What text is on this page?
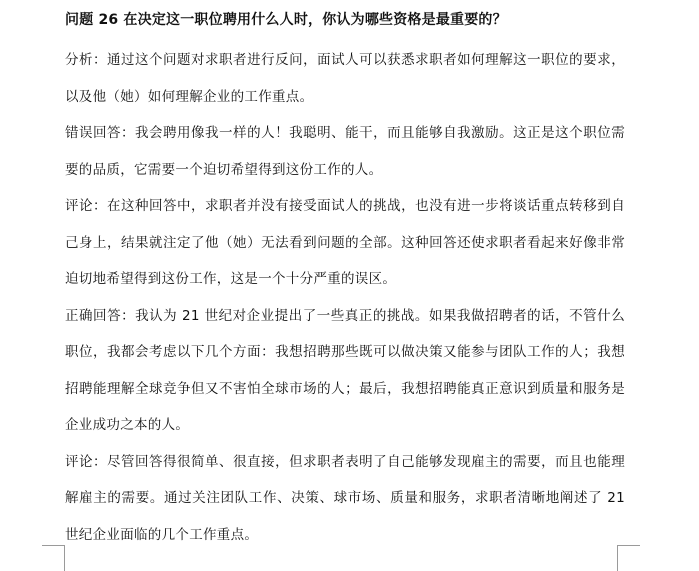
问题 26 在决定这一职位聘用什么人时，你认为哪些资格是最重要的？

分析：通过这个问题对求职者进行反问，面试人可以获悉求职者如何理解这一职位的要求，以及他（她）如何理解企业的工作重点。

错误回答：我会聘用像我一样的人！我聪明、能干，而且能够自我激励。这正是这个职位需要的品质，它需要一个迫切希望得到这份工作的人。

评论：在这种回答中，求职者并没有接受面试人的挑战，也没有进一步将谈话重点转移到自己身上，结果就注定了他（她）无法看到问题的全部。这种回答还使求职者看起来好像非常迫切地希望得到这份工作，这是一个十分严重的误区。

正确回答：我认为 21 世纪对企业提出了一些真正的挑战。如果我做招聘者的话，不管什么职位，我都会考虑以下几个方面：我想招聘那些既可以做决策又能参与团队工作的人；我想招聘能理解全球竞争但又不害怕全球市场的人；最后，我想招聘能真正意识到质量和服务是企业成功之本的人。

评论：尽管回答得很简单、很直接，但求职者表明了自己能够发现雇主的需要，而且也能理解雇主的需要。通过关注团队工作、决策、球市场、质量和服务，求职者清晰地阐述了 21 世纪企业面临的几个工作重点。
